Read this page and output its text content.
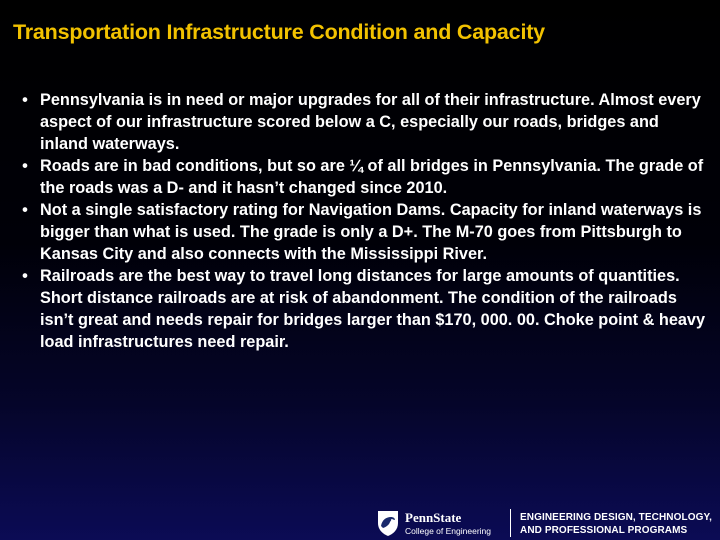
Transportation Infrastructure Condition and Capacity
• Pennsylvania is in need or major upgrades for all of their infrastructure. Almost every aspect of our infrastructure scored below a C, especially our roads, bridges and inland waterways.
• Roads are in bad conditions, but so are ¼ of all bridges in Pennsylvania. The grade of the roads was a D- and it hasn’t changed since 2010.
• Not a single satisfactory rating for Navigation Dams. Capacity for inland waterways is bigger than what is used. The grade is only a D+. The M-70 goes from Pittsburgh to Kansas City and also connects with the Mississippi River.
• Railroads are the best way to travel long distances for large amounts of quantities. Short distance railroads are at risk of abandonment. The condition of the railroads isn’t great and needs repair for bridges larger than $170, 000. 00. Choke point & heavy load infrastructures need repair.
PennState
College of Engineering
ENGINEERING DESIGN, TECHNOLOGY,
AND PROFESSIONAL PROGRAMS
